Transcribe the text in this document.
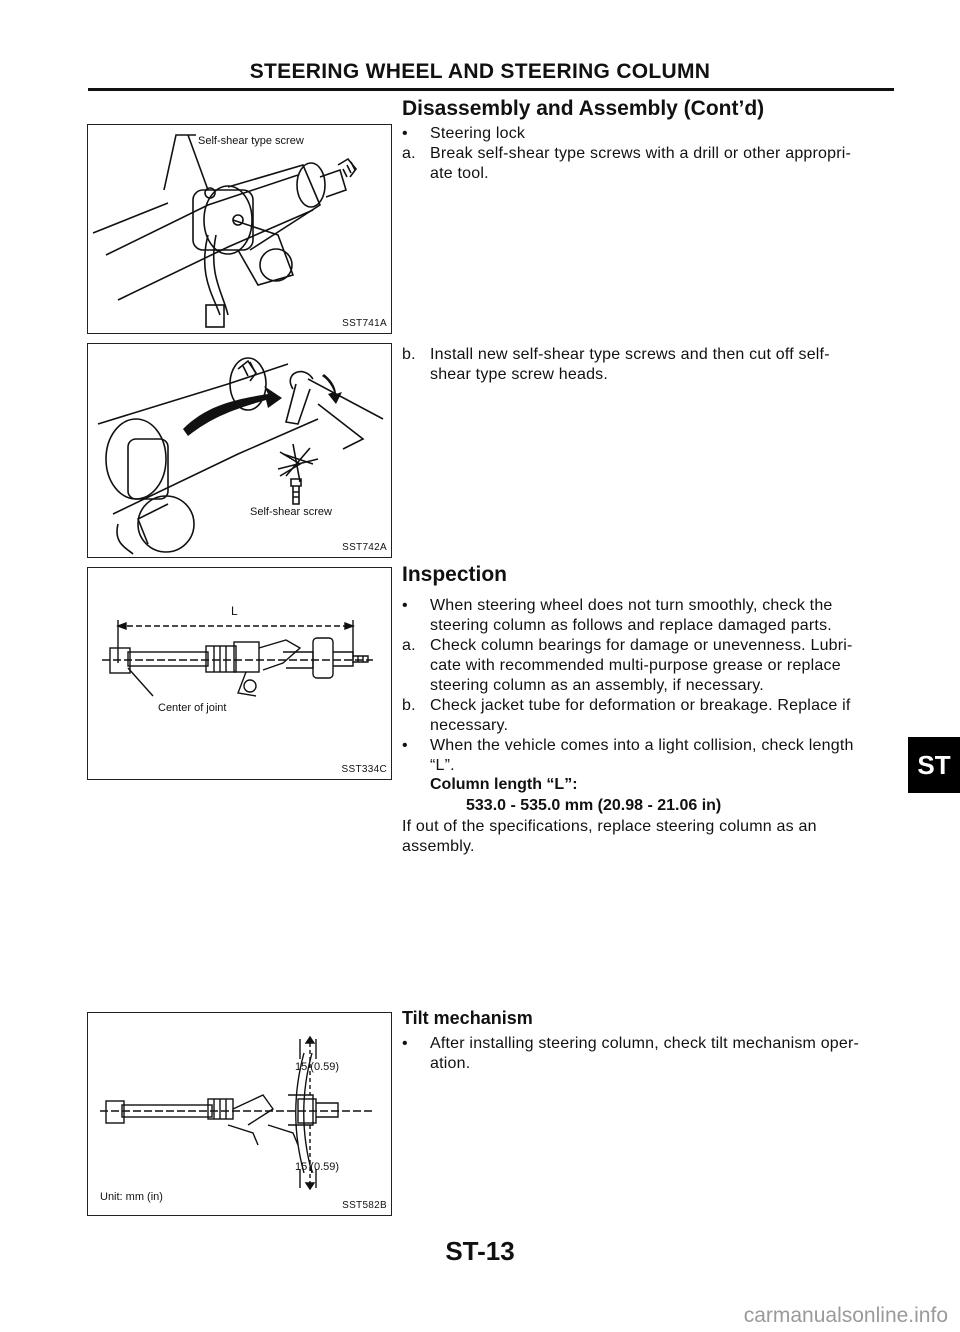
STEERING WHEEL AND STEERING COLUMN
Self-shear type screw
SST741A
Self-shear screw
SST742A
L
Center of joint
SST334C
15 (0.59)
15 (0.59)
Unit: mm (in)
SST582B
Disassembly and Assembly (Cont’d)
• Steering lock
a. Break self-shear type screws with a drill or other appropri-
ate tool.
b. Install new self-shear type screws and then cut off self-
shear type screw heads.
Inspection
• When steering wheel does not turn smoothly, check the
steering column as follows and replace damaged parts.
a. Check column bearings for damage or unevenness. Lubri-
cate with recommended multi-purpose grease or replace
steering column as an assembly, if necessary.
b. Check jacket tube for deformation or breakage. Replace if
necessary.
• When the vehicle comes into a light collision, check length
“L”.
Column length “L”:
533.0 - 535.0 mm (20.98 - 21.06 in)
If out of the specifications, replace steering column as an
assembly.
Tilt mechanism
• After installing steering column, check tilt mechanism oper-
ation.
ST
ST-13
carmanualsonline.info
